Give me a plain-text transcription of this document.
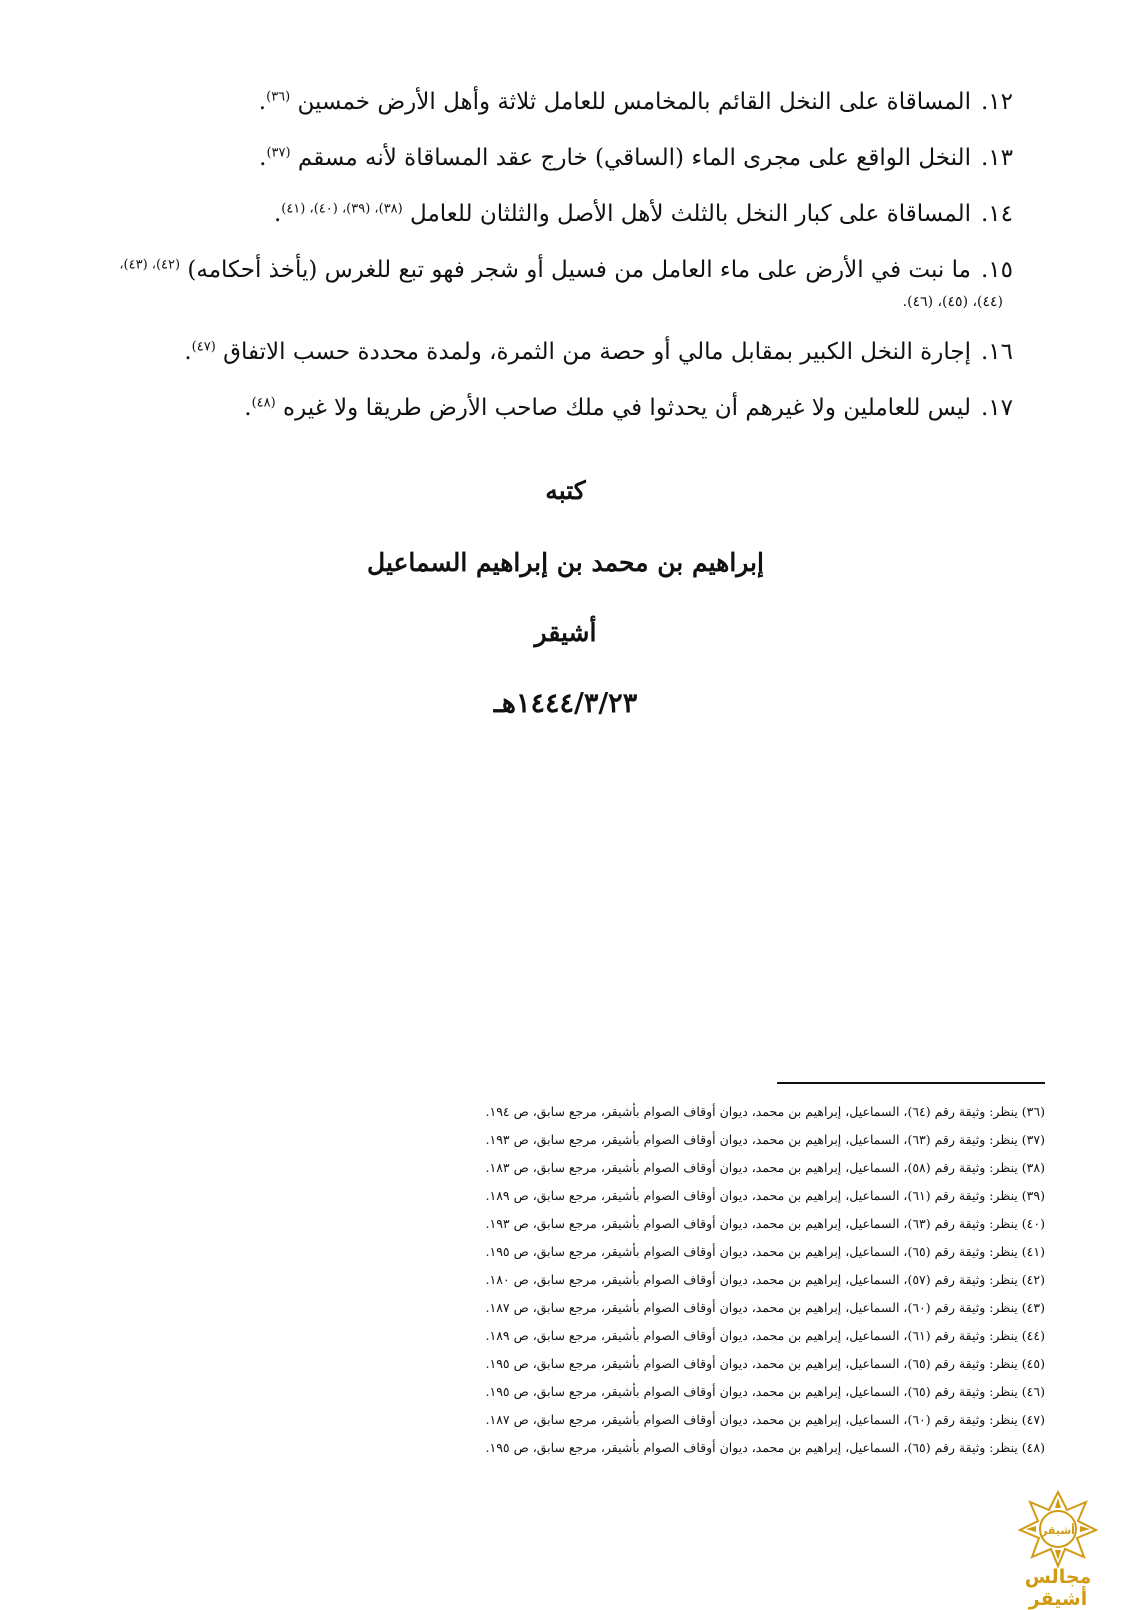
١٢.المساقاة على النخل القائم بالمخامس للعامل ثلاثة وأهل الأرض خمسين $^{(٣٦)}$.
١٣.النخل الواقع على مجرى الماء (الساقي) خارج عقد المساقاة لأنه مسقم $^{(٣٧)}$.
١٤.المساقاة على كبار النخل بالثلث لأهل الأصل والثلثان للعامل $^{(٣٨)، (٣٩)، (٤٠)، (٤١)}$.
١٥.ما نبت في الأرض على ماء العامل من فسيل أو شجر فهو تبع للغرس (يأخذ أحكامه) $^{(٤٢)، (٤٣)،}$
(٤٤)، (٤٥)، (٤٦).
١٦.إجارة النخل الكبير بمقابل مالي أو حصة من الثمرة، ولمدة محددة حسب الاتفاق $^{(٤٧)}$.
١٧.ليس للعاملين ولا غيرهم أن يحدثوا في ملك صاحب الأرض طريقا ولا غيره $^{(٤٨)}$.
كتبه
إبراهيم بن محمد بن إبراهيم السماعيل
أشيقر
١٤٤٤/٣/٢٣هـ
(٣٦) ينظر: وثيقة رقم (٦٤)، السماعيل، إبراهيم بن محمد، ديوان أوقاف الصوام بأشيقر، مرجع سابق، ص ١٩٤.
(٣٧) ينظر: وثيقة رقم (٦٣)، السماعيل، إبراهيم بن محمد، ديوان أوقاف الصوام بأشيقر، مرجع سابق، ص ١٩٣.
(٣٨) ينظر: وثيقة رقم (٥٨)، السماعيل، إبراهيم بن محمد، ديوان أوقاف الصوام بأشيقر، مرجع سابق، ص ١٨٣.
(٣٩) ينظر: وثيقة رقم (٦١)، السماعيل، إبراهيم بن محمد، ديوان أوقاف الصوام بأشيقر، مرجع سابق، ص ١٨٩.
(٤٠) ينظر: وثيقة رقم (٦٣)، السماعيل، إبراهيم بن محمد، ديوان أوقاف الصوام بأشيقر، مرجع سابق، ص ١٩٣.
(٤١) ينظر: وثيقة رقم (٦٥)، السماعيل، إبراهيم بن محمد، ديوان أوقاف الصوام بأشيقر، مرجع سابق، ص ١٩٥.
(٤٢) ينظر: وثيقة رقم (٥٧)، السماعيل، إبراهيم بن محمد، ديوان أوقاف الصوام بأشيقر، مرجع سابق، ص ١٨٠.
(٤٣) ينظر: وثيقة رقم (٦٠)، السماعيل، إبراهيم بن محمد، ديوان أوقاف الصوام بأشيقر، مرجع سابق، ص ١٨٧.
(٤٤) ينظر: وثيقة رقم (٦١)، السماعيل، إبراهيم بن محمد، ديوان أوقاف الصوام بأشيقر، مرجع سابق، ص ١٨٩.
(٤٥) ينظر: وثيقة رقم (٦٥)، السماعيل، إبراهيم بن محمد، ديوان أوقاف الصوام بأشيقر، مرجع سابق، ص ١٩٥.
(٤٦) ينظر: وثيقة رقم (٦٥)، السماعيل، إبراهيم بن محمد، ديوان أوقاف الصوام بأشيقر، مرجع سابق، ص ١٩٥.
(٤٧) ينظر: وثيقة رقم (٦٠)، السماعيل، إبراهيم بن محمد، ديوان أوقاف الصوام بأشيقر، مرجع سابق، ص ١٨٧.
(٤٨) ينظر: وثيقة رقم (٦٥)، السماعيل، إبراهيم بن محمد، ديوان أوقاف الصوام بأشيقر، مرجع سابق، ص ١٩٥.
أشيقر
مجالس أشيقر
